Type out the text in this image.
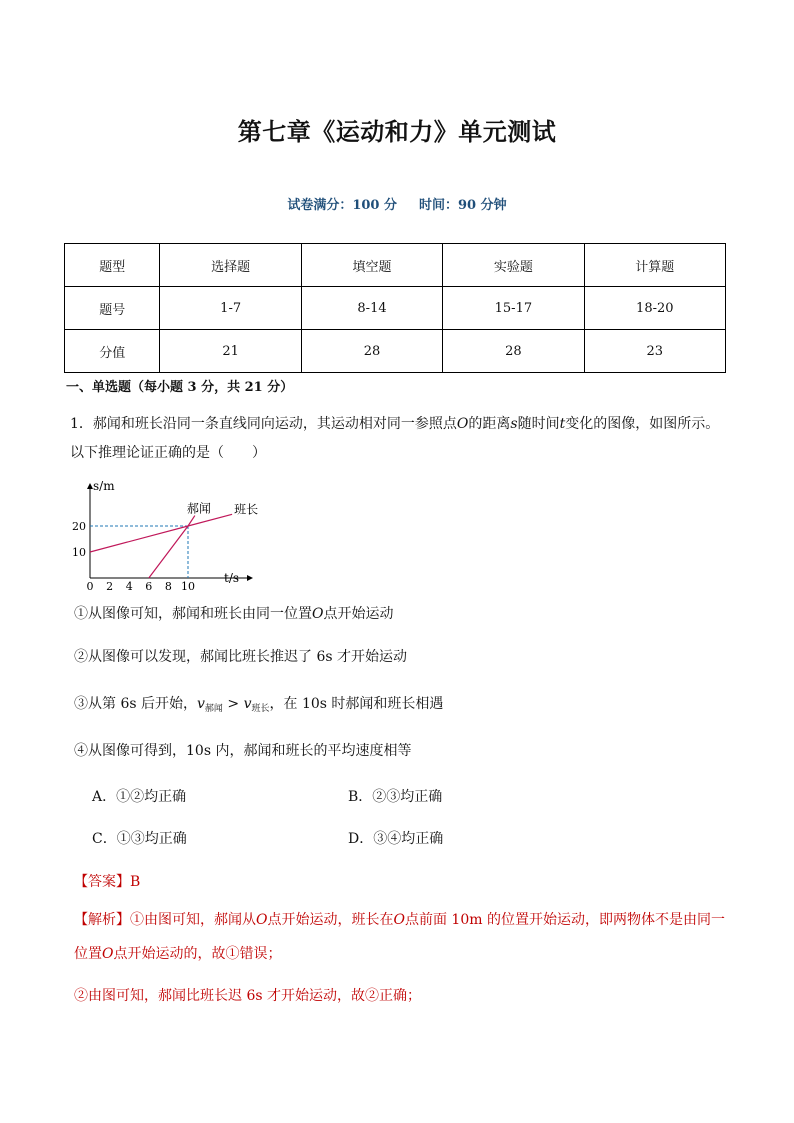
第七章《运动和力》单元测试
试卷满分：100 分 时间：90 分钟
题型	选择题	填空题	实验题	计算题
题号	1-7	8-14	15-17	18-20
分值	21	28	28	23
一、单选题（每小题 3 分，共 21 分）
1．郝闻和班长沿同一条直线同向运动，其运动相对同一参照点O的距离s随时间t变化的图像，如图所示。
以下推理论证正确的是（　　）
s/m
t/s
0 2 4 6 8 10
10
20
郝闻 班长
①从图像可知，郝闻和班长由同一位置O点开始运动
②从图像可以发现，郝闻比班长推迟了 6s 才开始运动
③从第 6s 后开始，$v_{郝闻} > v_{班长}$，在 10s 时郝闻和班长相遇
④从图像可得到，10s 内，郝闻和班长的平均速度相等
A．①②均正确	B．②③均正确
C．①③均正确	D．③④均正确
【答案】B
【解析】①由图可知，郝闻从O点开始运动，班长在O点前面 10m 的位置开始运动，即两物体不是由同一
位置O点开始运动的，故①错误；
②由图可知，郝闻比班长迟 6s 才开始运动，故②正确；
